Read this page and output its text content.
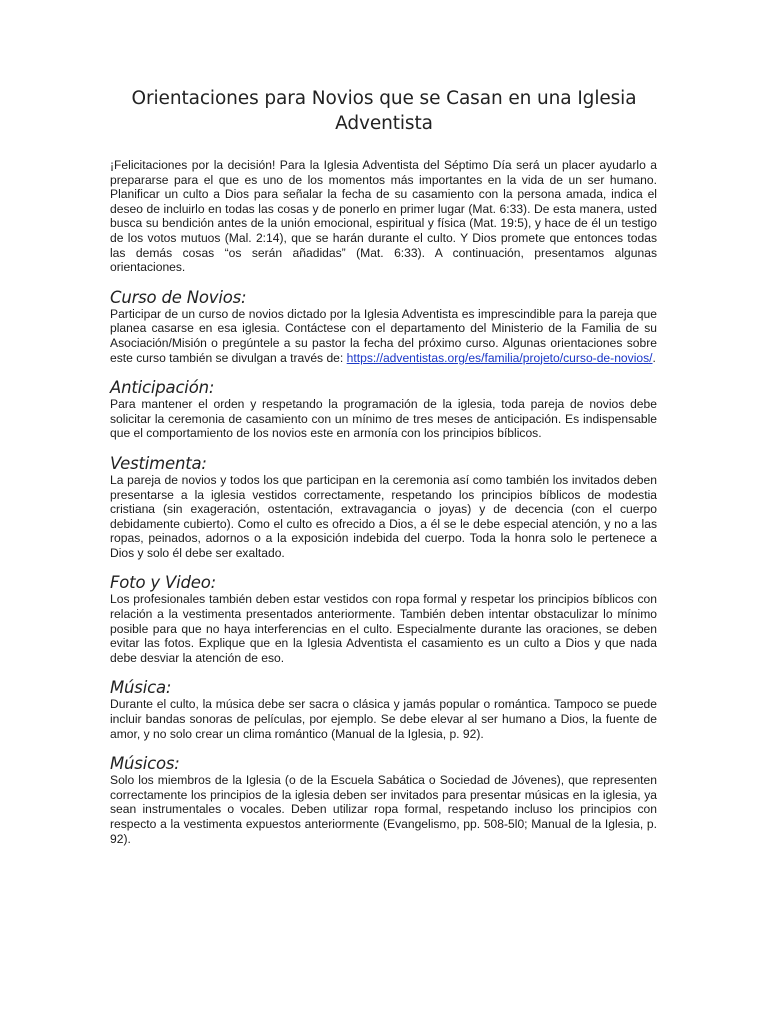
Orientaciones para Novios que se Casan en una Iglesia Adventista

¡Felicitaciones por la decisión! Para la Iglesia Adventista del Séptimo Día será un placer ayudarlo a prepararse para el que es uno de los momentos más importantes en la vida de un ser humano. Planificar un culto a Dios para señalar la fecha de su casamiento con la persona amada, indica el deseo de incluirlo en todas las cosas y de ponerlo en primer lugar (Mat. 6:33). De esta manera, usted busca su bendición antes de la unión emocional, espiritual y física (Mat. 19:5), y hace de él un testigo de los votos mutuos (Mal. 2:14), que se harán durante el culto. Y Dios promete que entonces todas las demás cosas “os serán añadidas” (Mat. 6:33). A continuación, presentamos algunas orientaciones.

Curso de Novios:

Participar de un curso de novios dictado por la Iglesia Adventista es imprescindible para la pareja que planea casarse en esa iglesia. Contáctese con el departamento del Ministerio de la Familia de su Asociación/Misión o pregúntele a su pastor la fecha del próximo curso. Algunas orientaciones sobre este curso también se divulgan a través de: https://adventistas.org/es/familia/projeto/curso-de-novios/.

Anticipación:

Para mantener el orden y respetando la programación de la iglesia, toda pareja de novios debe solicitar la ceremonia de casamiento con un mínimo de tres meses de anticipación. Es indispensable que el comportamiento de los novios este en armonía con los principios bíblicos.

Vestimenta:

La pareja de novios y todos los que participan en la ceremonia así como también los invitados deben presentarse a la iglesia vestidos correctamente, respetando los principios bíblicos de modestia cristiana (sin exageración, ostentación, extravagancia o joyas) y de decencia (con el cuerpo debidamente cubierto). Como el culto es ofrecido a Dios, a él se le debe especial atención, y no a las ropas, peinados, adornos o a la exposición indebida del cuerpo. Toda la honra solo le pertenece a Dios y solo él debe ser exaltado.

Foto y Video:

Los profesionales también deben estar vestidos con ropa formal y respetar los principios bíblicos con relación a la vestimenta presentados anteriormente. También deben intentar obstaculizar lo mínimo posible para que no haya interferencias en el culto. Especialmente durante las oraciones, se deben evitar las fotos. Explique que en la Iglesia Adventista el casamiento es un culto a Dios y que nada debe desviar la atención de eso.

Música:

Durante el culto, la música debe ser sacra o clásica y jamás popular o romántica. Tampoco se puede incluir bandas sonoras de películas, por ejemplo. Se debe elevar al ser humano a Dios, la fuente de amor, y no solo crear un clima romántico (Manual de la Iglesia, p. 92).

Músicos:

Solo los miembros de la Iglesia (o de la Escuela Sabática o Sociedad de Jóvenes), que representen correctamente los principios de la iglesia deben ser invitados para presentar músicas en la iglesia, ya sean instrumentales o vocales. Deben utilizar ropa formal, respetando incluso los principios con respecto a la vestimenta expuestos anteriormente (Evangelismo, pp. 508-5l0; Manual de la Iglesia, p. 92).
